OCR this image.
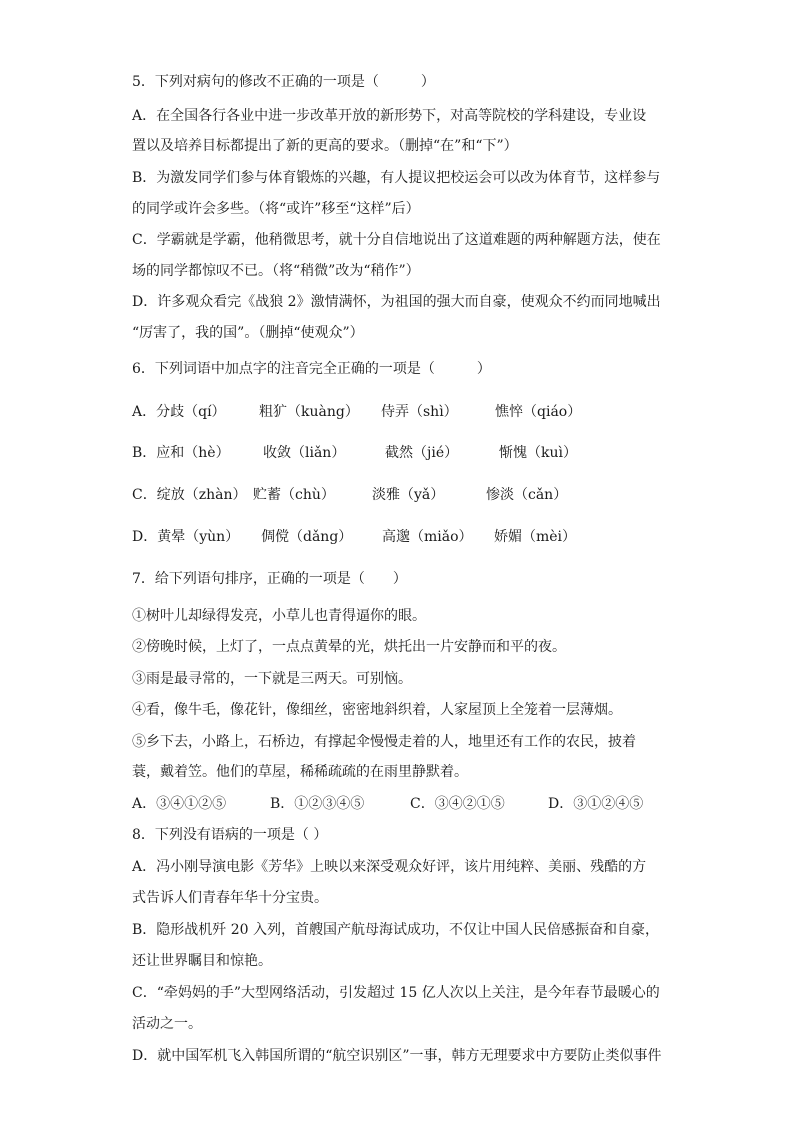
5．下列对病句的修改不正确的一项是（　　　）
A．在全国各行各业中进一步改革开放的新形势下，对高等院校的学科建设，专业设
置以及培养目标都提出了新的更高的要求。（删掉“在”和“下”）
B．为激发同学们参与体育锻炼的兴趣，有人提议把校运会可以改为体育节，这样参与
的同学或许会多些。（将“或许”移至“这样”后）
C．学霸就是学霸，他稍微思考，就十分自信地说出了这道难题的两种解题方法，使在
场的同学都惊叹不已。（将“稍微”改为“稍作”）
D．许多观众看完《战狼 2》激情满怀，为祖国的强大而自豪，使观众不约而同地喊出
“厉害了，我的国”。（删掉“使观众”）
6．下列词语中加点字的注音完全正确的一项是（　　　）
A．分歧（qí） 粗犷（kuàng） 侍弄（shì）	憔悴（qiáo）
B．应和（hè） 收敛（liǎn）	截然（jié）	惭愧（kuì）
C．绽放（zhàn） 贮蓄（chù）	淡雅（yǎ）	惨淡（cǎn）
D．黄晕（yùn） 倜傥（dǎng） 高邈（miǎo） 娇媚（mèi）
7．给下列语句排序，正确的一项是（　　）
①树叶儿却绿得发亮，小草儿也青得逼你的眼。
②傍晚时候，上灯了，一点点黄晕的光，烘托出一片安静而和平的夜。
③雨是最寻常的，一下就是三两天。可别恼。
④看，像牛毛，像花针，像细丝，密密地斜织着，人家屋顶上全笼着一层薄烟。
⑤乡下去，小路上，石桥边，有撑起伞慢慢走着的人，地里还有工作的农民，披着
蓑，戴着笠。他们的草屋，稀稀疏疏的在雨里静默着。
A．③④①②⑤	B．①②③④⑤	C．③④②①⑤	D．③①②④⑤
8．下列没有语病的一项是（ ）
A．冯小刚导演电影《芳华》上映以来深受观众好评，该片用纯粹、美丽、残酷的方
式告诉人们青春年华十分宝贵。
B．隐形战机歼 20 入列，首艘国产航母海试成功，不仅让中国人民倍感振奋和自豪，
还让世界瞩目和惊艳。
C．“牵妈妈的手”大型网络活动，引发超过 15 亿人次以上关注，是今年春节最暖心的
活动之一。
D．就中国军机飞入韩国所谓的“航空识别区”一事，韩方无理要求中方要防止类似事件
